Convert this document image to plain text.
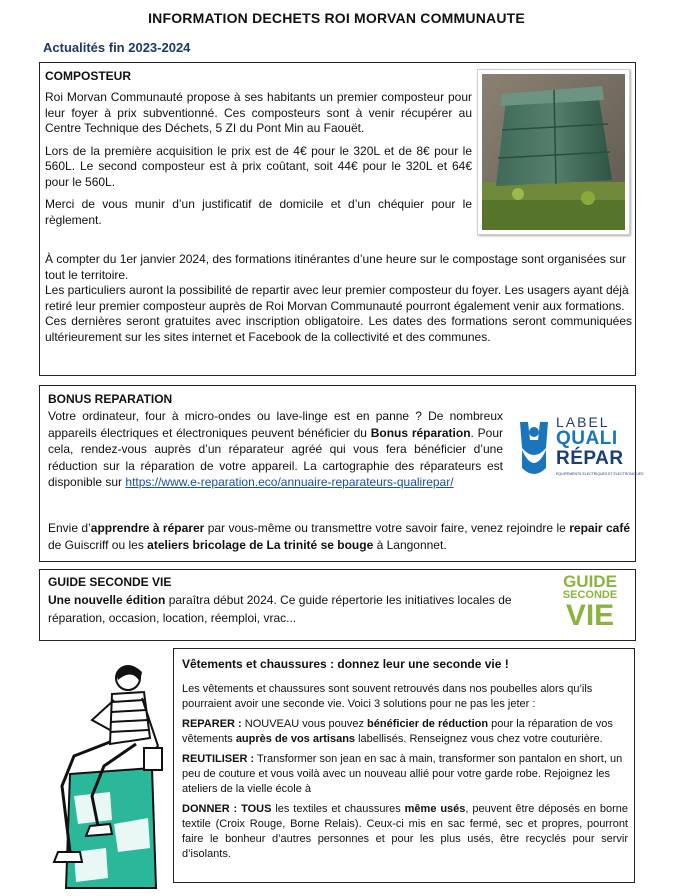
INFORMATION DECHETS ROI MORVAN COMMUNAUTE
Actualités fin 2023-2024
COMPOSTEUR

Roi Morvan Communauté propose à ses habitants un premier composteur pour leur foyer à prix subventionné. Ces composteurs sont à venir récupérer au Centre Technique des Déchets, 5 ZI du Pont Min au Faouët.

Lors de la première acquisition le prix est de 4€ pour le 320L et de 8€ pour le 560L. Le second composteur est à prix coûtant, soit 44€ pour le 320L et 64€ pour le 560L.

Merci de vous munir d’un justificatif de domicile et d’un chéquier pour le règlement.

À compter du 1er janvier 2024, des formations itinérantes d’une heure sur le compostage sont organisées sur tout le territoire.

Les particuliers auront la possibilité de repartir avec leur premier composteur du foyer. Les usagers ayant déjà retiré leur premier composteur auprès de Roi Morvan Communauté pourront également venir aux formations.

Ces dernières seront gratuites avec inscription obligatoire. Les dates des formations seront communiquées ultérieurement sur les sites internet et Facebook de la collectivité et des communes.

BONUS REPARATION

Votre ordinateur, four à micro-ondes ou lave-linge est en panne ? De nombreux appareils électriques et électroniques peuvent bénéficier du Bonus réparation. Pour cela, rendez-vous auprès d’un réparateur agréé qui vous fera bénéficier d’une réduction sur la réparation de votre appareil. La cartographie des réparateurs est disponible sur https://www.e-reparation.eco/annuaire-reparateurs-qualirepar/

Envie d’apprendre à réparer par vous-même ou transmettre votre savoir faire, venez rejoindre le repair café de Guiscriff ou les ateliers bricolage de La trinité se bouge à Langonnet.

LABEL
QUALI
RÉPAR
ÉQUIPEMENTS ÉLECTRIQUES ET ÉLECTRONIQUES
GUIDE SECONDE VIE

Une nouvelle édition paraîtra début 2024. Ce guide répertorie les initiatives locales de réparation, occasion, location, réemploi, vrac...

GUIDE
SECONDE
VIE
Vêtements et chaussures : donnez leur une seconde vie !

Les vêtements et chaussures sont souvent retrouvés dans nos poubelles alors qu’ils pourraient avoir une seconde vie. Voici 3 solutions pour ne pas les jeter :

REPARER : NOUVEAU vous pouvez bénéficier de réduction pour la réparation de vos vêtements auprès de vos artisans labellisés. Renseignez vous chez votre couturière.

REUTILISER : Transformer son jean en sac à main, transformer son pantalon en short, un peu de couture et vous voilà avec un nouveau allié pour votre garde robe. Rejoignez les ateliers de la vielle école à

DONNER : TOUS les textiles et chaussures même usés, peuvent être déposés en borne textile (Croix Rouge, Borne Relais). Ceux-ci mis en sac fermé, sec et propres, pourront faire le bonheur d’autres personnes et pour les plus usés, être recyclés pour servir d’isolants.
